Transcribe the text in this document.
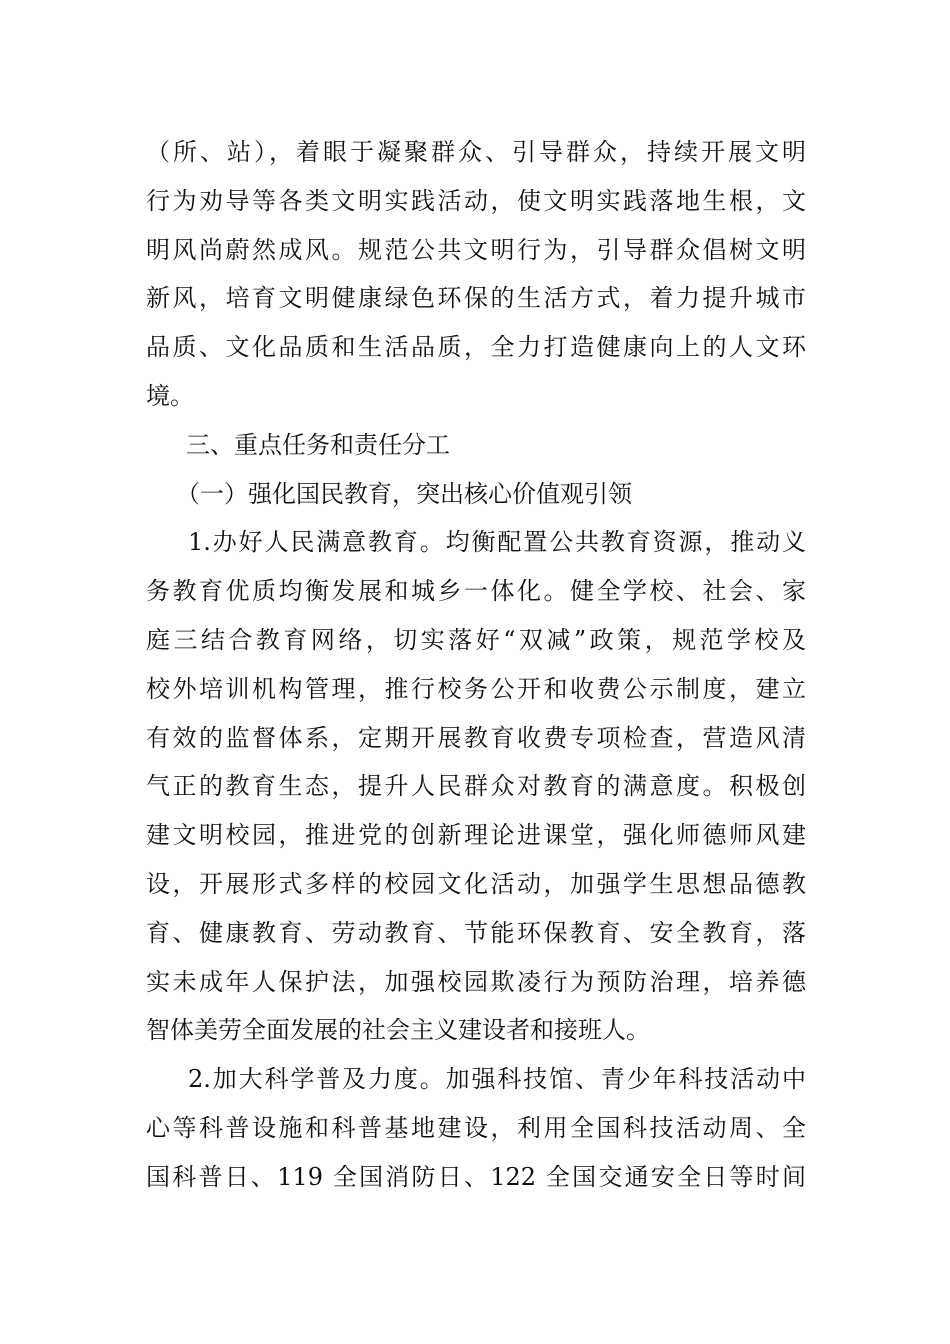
（所、站），着眼于凝聚群众、引导群众，持续开展文明
行为劝导等各类文明实践活动，使文明实践落地生根，文
明风尚蔚然成风。规范公共文明行为，引导群众倡树文明
新风，培育文明健康绿色环保的生活方式，着力提升城市
品质、文化品质和生活品质，全力打造健康向上的人文环
境。
三、重点任务和责任分工
（一）强化国民教育，突出核心价值观引领
1.办好人民满意教育。均衡配置公共教育资源，推动义
务教育优质均衡发展和城乡一体化。健全学校、社会、家
庭三结合教育网络，切实落好“双减”政策，规范学校及
校外培训机构管理，推行校务公开和收费公示制度，建立
有效的监督体系，定期开展教育收费专项检查，营造风清
气正的教育生态，提升人民群众对教育的满意度。积极创
建文明校园，推进党的创新理论进课堂，强化师德师风建
设，开展形式多样的校园文化活动，加强学生思想品德教
育、健康教育、劳动教育、节能环保教育、安全教育，落
实未成年人保护法，加强校园欺凌行为预防治理，培养德
智体美劳全面发展的社会主义建设者和接班人。
2.加大科学普及力度。加强科技馆、青少年科技活动中
心等科普设施和科普基地建设，利用全国科技活动周、全
国科普日、119 全国消防日、122 全国交通安全日等时间
